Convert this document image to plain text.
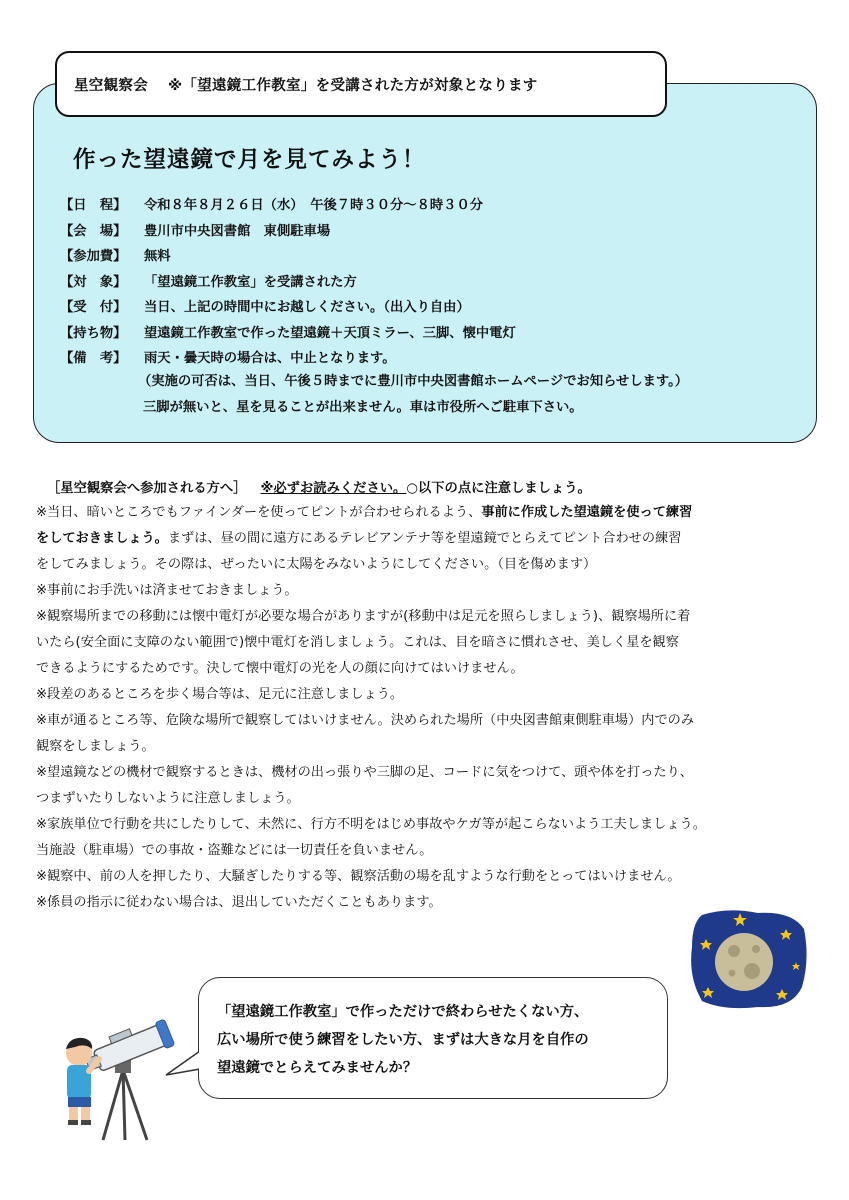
星空観察会 ※「望遠鏡工作教室」を受講された方が対象となります
作った望遠鏡で月を見てみよう！
【日　程】	令和８年８月２６日（水）　午後７時３０分～８時３０分
【会　場】	豊川市中央図書館　東側駐車場
【参加費】	無料
【対　象】	「望遠鏡工作教室」を受講された方
【受　付】	当日、上記の時間中にお越しください。（出入り自由）
【持ち物】	望遠鏡工作教室で作った望遠鏡＋天頂ミラー、三脚、懐中電灯
【備　考】	雨天・曇天時の場合は、中止となります。
（実施の可否は、当日、午後５時までに豊川市中央図書館ホームページでお知らせします。）
三脚が無いと、星を見ることが出来ません。車は市役所へご駐車下さい。
［星空観察会へ参加される方へ］ ※必ずお読みください。○以下の点に注意しましょう。
※当日、暗いところでもファインダーを使ってピントが合わせられるよう、事前に作成した望遠鏡を使って練習
をしておきましょう。まずは、昼の間に遠方にあるテレビアンテナ等を望遠鏡でとらえてピント合わせの練習
をしてみましょう。その際は、ぜったいに太陽をみないようにしてください。（目を傷めます）
※事前にお手洗いは済ませておきましょう。
※観察場所までの移動には懐中電灯が必要な場合がありますが(移動中は足元を照らしましょう)、観察場所に着
いたら(安全面に支障のない範囲で)懐中電灯を消しましょう。これは、目を暗さに慣れさせ、美しく星を観察
できるようにするためです。決して懐中電灯の光を人の顔に向けてはいけません。
※段差のあるところを歩く場合等は、足元に注意しましょう。
※車が通るところ等、危険な場所で観察してはいけません。決められた場所（中央図書館東側駐車場）内でのみ
観察をしましょう。
※望遠鏡などの機材で観察するときは、機材の出っ張りや三脚の足、コードに気をつけて、頭や体を打ったり、
つまずいたりしないように注意しましょう。
※家族単位で行動を共にしたりして、未然に、行方不明をはじめ事故やケガ等が起こらないよう工夫しましょう。
当施設（駐車場）での事故・盗難などには一切責任を負いません。
※観察中、前の人を押したり、大騒ぎしたりする等、観察活動の場を乱すような行動をとってはいけません。
※係員の指示に従わない場合は、退出していただくこともあります。
「望遠鏡工作教室」で作っただけで終わらせたくない方、
広い場所で使う練習をしたい方、まずは大きな月を自作の
望遠鏡でとらえてみませんか？
